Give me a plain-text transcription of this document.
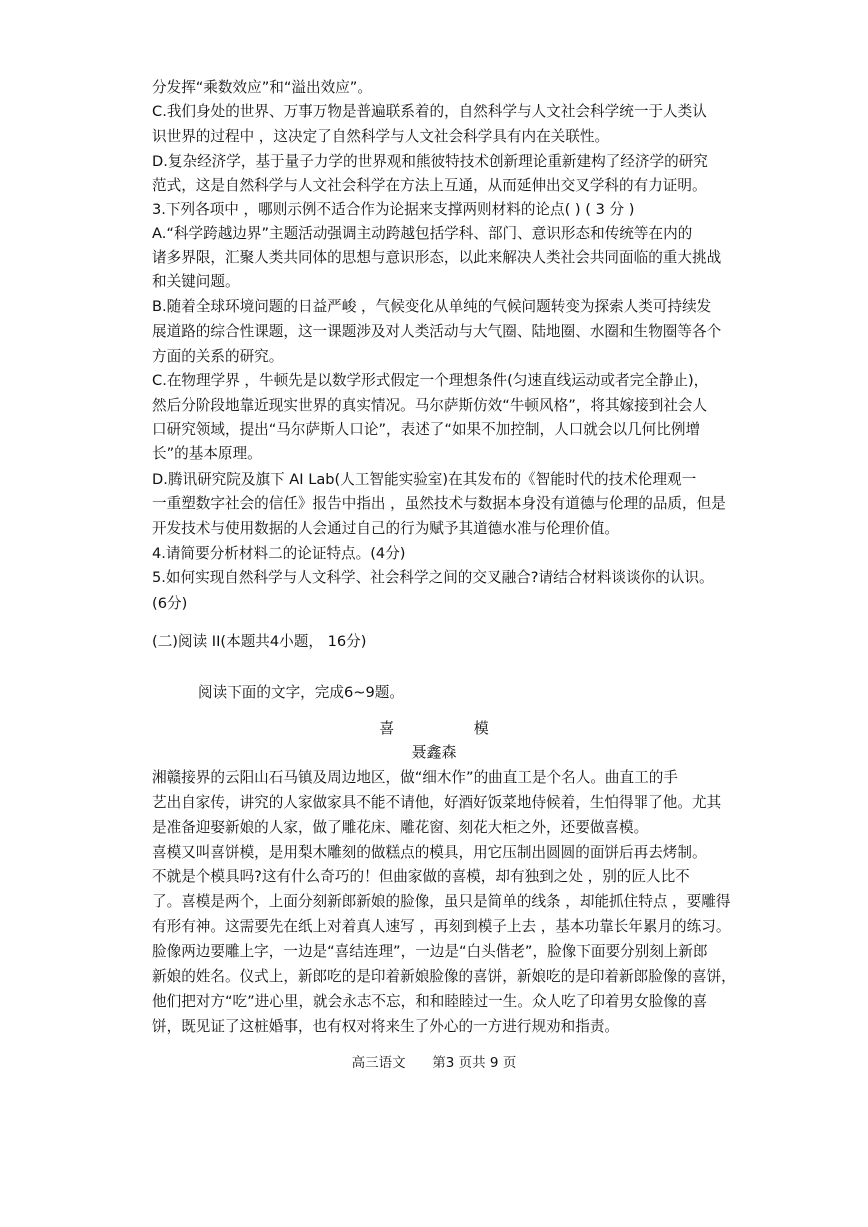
分发挥“乘数效应”和“溢出效应”。
C.我们身处的世界、万事万物是普遍联系着的，自然科学与人文社会科学统一于人类认
识世界的过程中 ，这决定了自然科学与人文社会科学具有内在关联性。
D.复杂经济学，基于量子力学的世界观和熊彼特技术创新理论重新建构了经济学的研究
范式，这是自然科学与人文社会科学在方法上互通，从而延伸出交叉学科的有力证明。
3.下列各项中 ，哪则示例不适合作为论据来支撑两则材料的论点( ) ( 3 分 )
A.“科学跨越边界”主题活动强调主动跨越包括学科、部门、意识形态和传统等在内的
诸多界限，汇聚人类共同体的思想与意识形态，以此来解决人类社会共同面临的重大挑战
和关键问题。
B.随着全球环境问题的日益严峻 ，气候变化从单纯的气候问题转变为探索人类可持续发
展道路的综合性课题，这一课题涉及对人类活动与大气圈、陆地圈、水圈和生物圈等各个
方面的关系的研究。
C.在物理学界 ，牛顿先是以数学形式假定一个理想条件(匀速直线运动或者完全静止)，
然后分阶段地靠近现实世界的真实情况。马尔萨斯仿效“牛顿风格”，将其嫁接到社会人
口研究领域，提出“马尔萨斯人口论”，表述了“如果不加控制，人口就会以几何比例增
长”的基本原理。
D.腾讯研究院及旗下 AI Lab(人工智能实验室)在其发布的《智能时代的技术伦理观一
一重塑数字社会的信任》报告中指出 ，虽然技术与数据本身没有道德与伦理的品质，但是
开发技术与使用数据的人会通过自己的行为赋予其道德水准与伦理价值。
4.请简要分析材料二的论证特点。(4分)
5.如何实现自然科学与人文科学、社会科学之间的交叉融合?请结合材料谈谈你的认识。
(6分)
(二)阅读 II(本题共4小题， 16分)
阅读下面的文字，完成6~9题。
喜	模
聂鑫森
湘赣接界的云阳山石马镇及周边地区，做“细木作”的曲直工是个名人。曲直工的手
艺出自家传，讲究的人家做家具不能不请他，好酒好饭菜地侍候着，生怕得罪了他。尤其
是准备迎娶新娘的人家，做了雕花床、雕花窗、刻花大柜之外，还要做喜模。
喜模又叫喜饼模，是用梨木雕刻的做糕点的模具，用它压制出圆圆的面饼后再去烤制。
不就是个模具吗?这有什么奇巧的！但曲家做的喜模，却有独到之处 ，别的匠人比不
了。喜模是两个，上面分刻新郎新娘的脸像，虽只是简单的线条 ，却能抓住特点 ，要雕得
有形有神。这需要先在纸上对着真人速写 ，再刻到模子上去 ，基本功靠长年累月的练习。
脸像两边要雕上字，一边是“喜结连理”，一边是“白头偕老”，脸像下面要分别刻上新郎
新娘的姓名。仪式上，新郎吃的是印着新娘脸像的喜饼，新娘吃的是印着新郎脸像的喜饼，
他们把对方“吃”进心里，就会永志不忘，和和睦睦过一生。众人吃了印着男女脸像的喜
饼，既见证了这桩婚事，也有权对将来生了外心的一方进行规劝和指责。
高三语文 第3 页共 9 页
